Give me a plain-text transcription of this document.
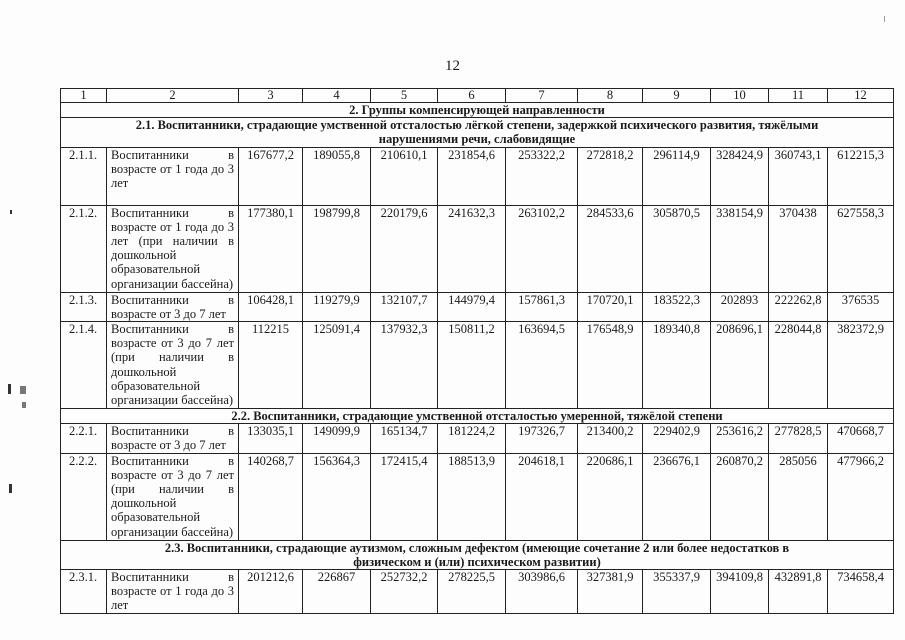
12
1	2	3	4	5	6	7	8	9	10	11	12

2. Группы компенсирующей направленности											

2.1. Воспитанники, страдающие умственной отсталостью лёгкой степени, задержкой психического развития, тяжёлыми нарушениями речи, слабовидящие											

2.1.1.	Воспитанники в возрасте от 1 года до 3 лет	167677,2	189055,8	210610,1	231854,6	253322,2	272818,2	296114,9	328424,9	360743,1	612215,3
2.1.2.	Воспитанники в возрасте от 1 года до 3 лет (при наличии в дошкольной образовательной организации бассейна)	177380,1	198799,8	220179,6	241632,3	263102,2	284533,6	305870,5	338154,9	370438	627558,3
2.1.3.	Воспитанники в возрасте от 3 до 7 лет	106428,1	119279,9	132107,7	144979,4	157861,3	170720,1	183522,3	202893	222262,8	376535
2.1.4.	Воспитанники в возрасте от 3 до 7 лет (при наличии в дошкольной образовательной организации бассейна)	112215	125091,4	137932,3	150811,2	163694,5	176548,9	189340,8	208696,1	228044,8	382372,9

2.2. Воспитанники, страдающие умственной отсталостью умеренной, тяжёлой степени											

2.2.1.	Воспитанники в возрасте от 3 до 7 лет	133035,1	149099,9	165134,7	181224,2	197326,7	213400,2	229402,9	253616,2	277828,5	470668,7
2.2.2.	Воспитанники в возрасте от 3 до 7 лет (при наличии в дошкольной образовательной организации бассейна)	140268,7	156364,3	172415,4	188513,9	204618,1	220686,1	236676,1	260870,2	285056	477966,2

2.3. Воспитанники, страдающие аутизмом, сложным дефектом (имеющие сочетание 2 или более недостатков в физическом и (или) психическом развитии)											

2.3.1.	Воспитанники в возрасте от 1 года до 3 лет	201212,6	226867	252732,2	278225,5	303986,6	327381,9	355337,9	394109,8	432891,8	734658,4
